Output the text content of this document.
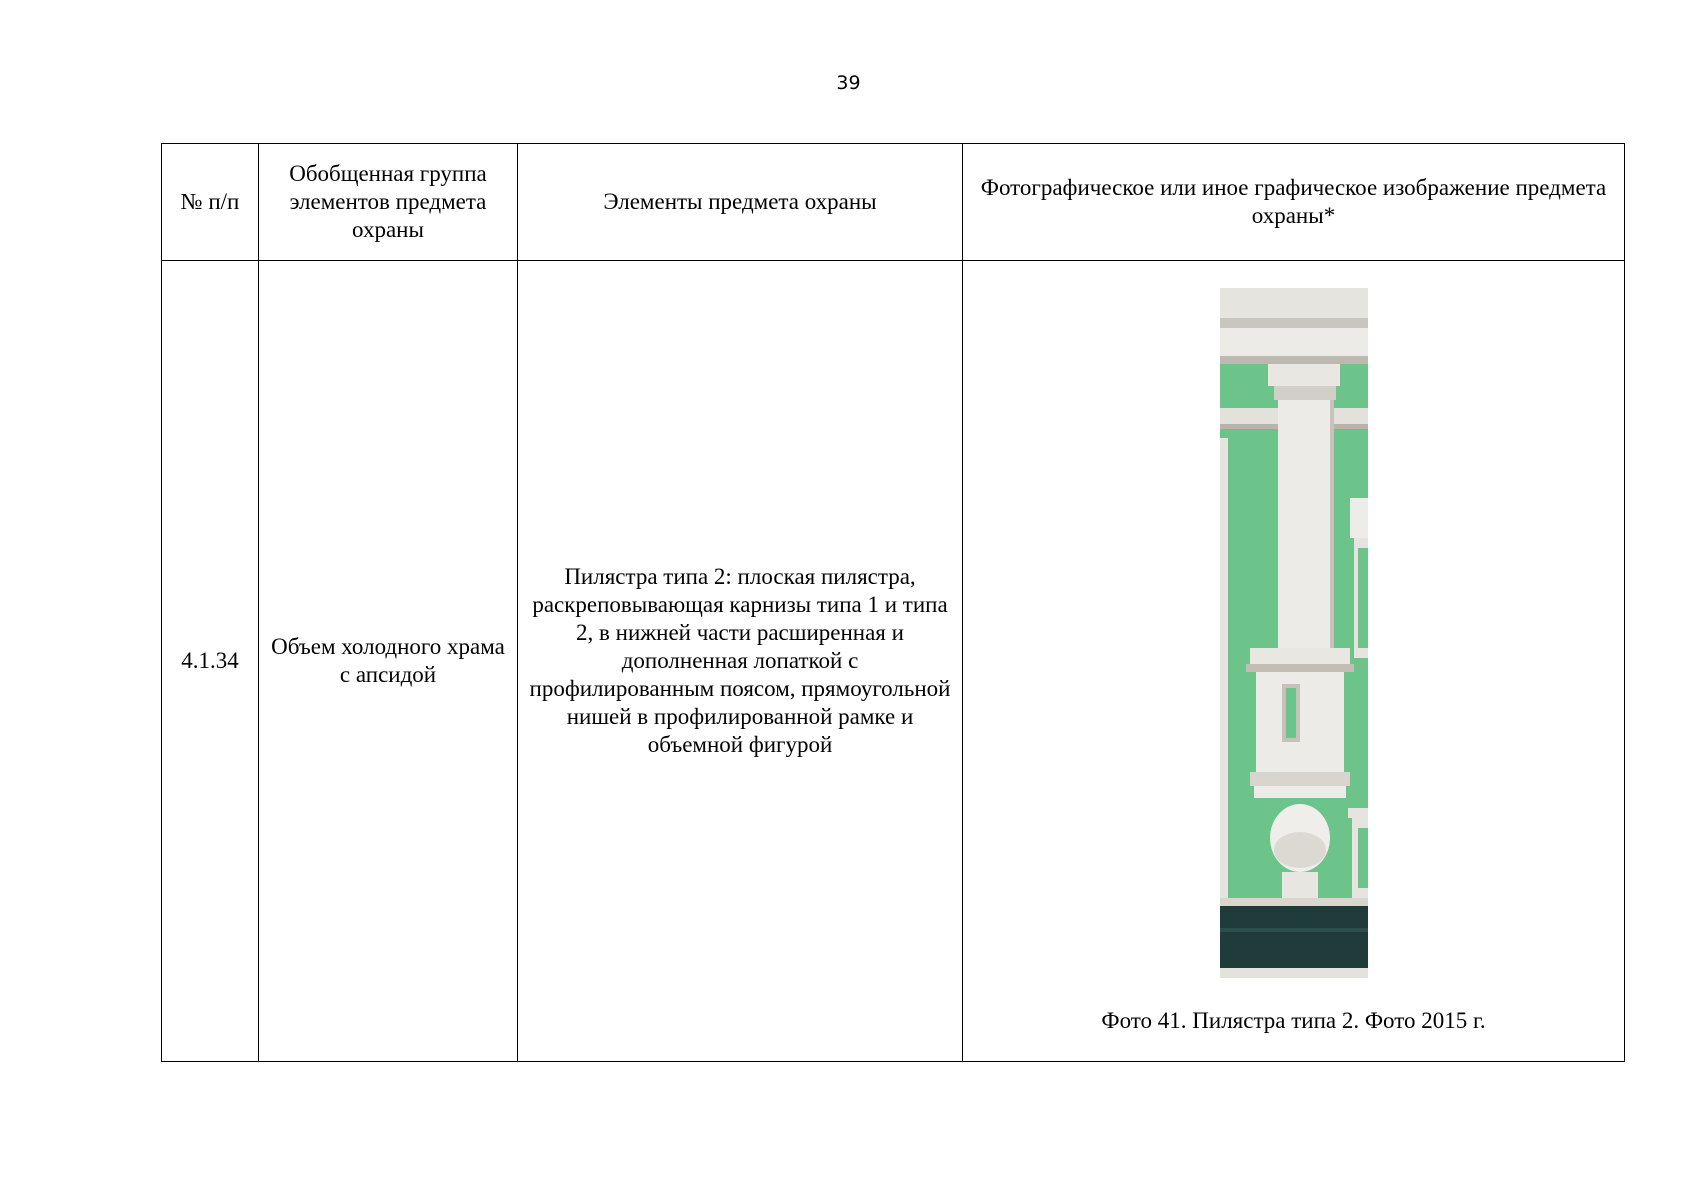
39
№ п/п	Обобщенная группа элементов предмета охраны	Элементы предмета охраны	Фотографическое или иное графическое изображение предмета охраны*
4.1.34	Объем холодного храма с апсидой	Пилястра типа 2: плоская пилястра, раскреповывающая карнизы типа 1 и типа 2, в нижней части расширенная и дополненная лопаткой с профилированным поясом, прямоугольной нишей в профилированной рамке и объемной фигурой	Фото 41. Пилястра типа 2. Фото 2015 г.
